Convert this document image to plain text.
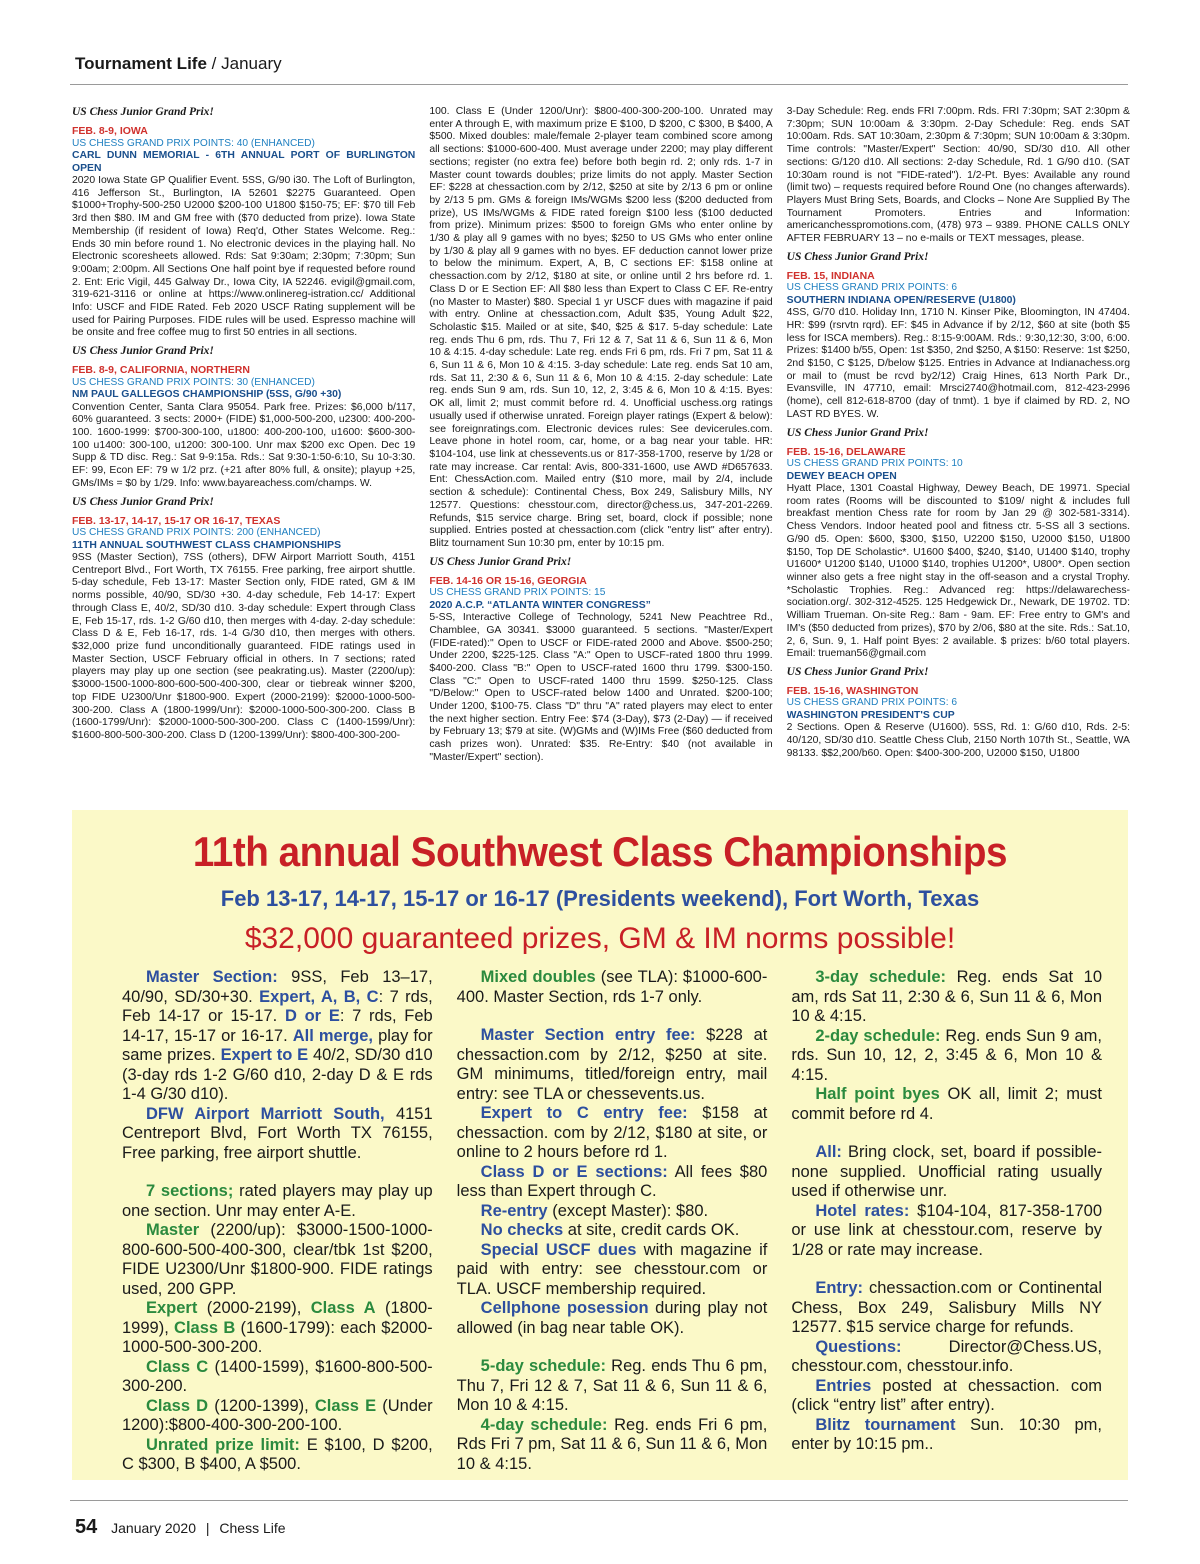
Tournament Life / January
US Chess Junior Grand Prix!
FEB. 8-9, IOWA
US CHESS GRAND PRIX POINTS: 40 (ENHANCED)
CARL DUNN MEMORIAL - 6TH ANNUAL PORT OF BURLINGTON OPEN

2020 Iowa State GP Qualifier Event. 5SS, G/90 i30. The Loft of Burlington, 416 Jefferson St., Burlington, IA 52601 $2275 Guaranteed. Open $1000+Trophy-500-250 U2000 $200-100 U1800 $150-75; EF: $70 till Feb 3rd then $80. IM and GM free with ($70 deducted from prize). Iowa State Membership (if resident of Iowa) Req'd, Other States Welcome. Reg.: Ends 30 min before round 1. No electronic devices in the playing hall. No Electronic scoresheets allowed. Rds: Sat 9:30am; 2:30pm; 7:30pm; Sun 9:00am; 2:00pm. All Sections One half point bye if requested before round 2. Ent: Eric Vigil, 445 Galway Dr., Iowa City, IA 52246. evigil@gmail.com, 319-621-3116 or online at https://www.onlinereg-istration.cc/ Additional Info: USCF and FIDE Rated. Feb 2020 USCF Rating supplement will be used for Pairing Purposes. FIDE rules will be used. Espresso machine will be onsite and free coffee mug to first 50 entries in all sections.

US Chess Junior Grand Prix!
FEB. 8-9, CALIFORNIA, NORTHERN
US CHESS GRAND PRIX POINTS: 30 (ENHANCED)
NM PAUL GALLEGOS CHAMPIONSHIP (5SS, G/90 +30)

Convention Center, Santa Clara 95054. Park free. Prizes: $6,000 b/117, 60% guaranteed. 3 sects: 2000+ (FIDE) $1,000-500-200, u2300: 400-200-100. 1600-1999: $700-300-100, u1800: 400-200-100, u1600: $600-300-100 u1400: 300-100, u1200: 300-100. Unr max $200 exc Open. Dec 19 Supp & TD disc. Reg.: Sat 9-9:15a. Rds.: Sat 9:30-1:50-6:10, Su 10-3:30. EF: 99, Econ EF: 79 w 1/2 prz. (+21 after 80% full, & onsite); playup +25, GMs/IMs = $0 by 1/29. Info: www.bayareachess.com/champs. W.

US Chess Junior Grand Prix!
FEB. 13-17, 14-17, 15-17 OR 16-17, TEXAS
US CHESS GRAND PRIX POINTS: 200 (ENHANCED)
11TH ANNUAL SOUTHWEST CLASS CHAMPIONSHIPS

9SS (Master Section), 7SS (others), DFW Airport Marriott South, 4151 Centreport Blvd., Fort Worth, TX 76155. Free parking, free airport shuttle. 5-day schedule, Feb 13-17: Master Section only, FIDE rated, GM & IM norms possible, 40/90, SD/30 +30. 4-day schedule, Feb 14-17: Expert through Class E, 40/2, SD/30 d10. 3-day schedule: Expert through Class E, Feb 15-17, rds. 1-2 G/60 d10, then merges with 4-day. 2-day schedule: Class D & E, Feb 16-17, rds. 1-4 G/30 d10, then merges with others. $32,000 prize fund unconditionally guaranteed. FIDE ratings used in Master Section, USCF February official in others. In 7 sections; rated players may play up one section (see peakrating.us). Master (2200/up): $3000-1500-1000-800-600-500-400-300, clear or tiebreak winner $200, top FIDE U2300/Unr $1800-900. Expert (2000-2199): $2000-1000-500-300-200. Class A (1800-1999/Unr): $2000-1000-500-300-200. Class B (1600-1799/Unr): $2000-1000-500-300-200. Class C (1400-1599/Unr): $1600-800-500-300-200. Class D (1200-1399/Unr): $800-400-300-200-

100. Class E (Under 1200/Unr): $800-400-300-200-100. Unrated may enter A through E, with maximum prize E $100, D $200, C $300, B $400, A $500. Mixed doubles: male/female 2-player team combined score among all sections: $1000-600-400. Must average under 2200; may play different sections; register (no extra fee) before both begin rd. 2; only rds. 1-7 in Master count towards doubles; prize limits do not apply. Master Section EF: $228 at chessaction.com by 2/12, $250 at site by 2/13 6 pm or online by 2/13 5 pm. GMs & foreign IMs/WGMs $200 less ($200 deducted from prize), US IMs/WGMs & FIDE rated foreign $100 less ($100 deducted from prize). Minimum prizes: $500 to foreign GMs who enter online by 1/30 & play all 9 games with no byes; $250 to US GMs who enter online by 1/30 & play all 9 games with no byes. EF deduction cannot lower prize to below the minimum. Expert, A, B, C sections EF: $158 online at chessaction.com by 2/12, $180 at site, or online until 2 hrs before rd. 1. Class D or E Section EF: All $80 less than Expert to Class C EF. Re-entry (no Master to Master) $80. Special 1 yr USCF dues with magazine if paid with entry. Online at chessaction.com, Adult $35, Young Adult $22, Scholastic $15. Mailed or at site, $40, $25 & $17. 5-day schedule: Late reg. ends Thu 6 pm, rds. Thu 7, Fri 12 & 7, Sat 11 & 6, Sun 11 & 6, Mon 10 & 4:15. 4-day schedule: Late reg. ends Fri 6 pm, rds. Fri 7 pm, Sat 11 & 6, Sun 11 & 6, Mon 10 & 4:15. 3-day schedule: Late reg. ends Sat 10 am, rds. Sat 11, 2:30 & 6, Sun 11 & 6, Mon 10 & 4:15. 2-day schedule: Late reg. ends Sun 9 am, rds. Sun 10, 12, 2, 3:45 & 6, Mon 10 & 4:15. Byes: OK all, limit 2; must commit before rd. 4. Unofficial uschess.org ratings usually used if otherwise unrated. Foreign player ratings (Expert & below): see foreignratings.com. Electronic devices rules: See devicerules.com. Leave phone in hotel room, car, home, or a bag near your table. HR: $104-104, use link at chessevents.us or 817-358-1700, reserve by 1/28 or rate may increase. Car rental: Avis, 800-331-1600, use AWD #D657633. Ent: ChessAction.com. Mailed entry ($10 more, mail by 2/4, include section & schedule): Continental Chess, Box 249, Salisbury Mills, NY 12577. Questions: chesstour.com, director@chess.us, 347-201-2269. Refunds, $15 service charge. Bring set, board, clock if possible; none supplied. Entries posted at chessaction.com (click "entry list" after entry). Blitz tournament Sun 10:30 pm, enter by 10:15 pm.

US Chess Junior Grand Prix!
FEB. 14-16 OR 15-16, GEORGIA
US CHESS GRAND PRIX POINTS: 15
2020 A.C.P. “ATLANTA WINTER CONGRESS”

5-SS, Interactive College of Technology, 5241 New Peachtree Rd., Chamblee, GA 30341. $3000 guaranteed. 5 sections. "Master/Expert (FIDE-rated):" Open to USCF or FIDE-rated 2000 and Above. $500-250; Under 2200, $225-125. Class "A:" Open to USCF-rated 1800 thru 1999. $400-200. Class "B:" Open to USCF-rated 1600 thru 1799. $300-150. Class "C:" Open to USCF-rated 1400 thru 1599. $250-125. Class "D/Below:" Open to USCF-rated below 1400 and Unrated. $200-100; Under 1200, $100-75. Class "D" thru "A" rated players may elect to enter the next higher section. Entry Fee: $74 (3-Day), $73 (2-Day) — if received by February 13; $79 at site. (W)GMs and (W)IMs Free ($60 deducted from cash prizes won). Unrated: $35. Re-Entry: $40 (not available in "Master/Expert" section).

3-Day Schedule: Reg. ends FRI 7:00pm. Rds. FRI 7:30pm; SAT 2:30pm & 7:30pm; SUN 10:00am & 3:30pm. 2-Day Schedule: Reg. ends SAT 10:00am. Rds. SAT 10:30am, 2:30pm & 7:30pm; SUN 10:00am & 3:30pm. Time controls: "Master/Expert" Section: 40/90, SD/30 d10. All other sections: G/120 d10. All sections: 2-day Schedule, Rd. 1 G/90 d10. (SAT 10:30am round is not "FIDE-rated"). 1/2-Pt. Byes: Available any round (limit two) – requests required before Round One (no changes afterwards). Players Must Bring Sets, Boards, and Clocks – None Are Supplied By The Tournament Promoters. Entries and Information: americanchesspromotions.com, (478) 973 – 9389. PHONE CALLS ONLY AFTER FEBRUARY 13 – no e-mails or TEXT messages, please.

US Chess Junior Grand Prix!
FEB. 15, INDIANA
US CHESS GRAND PRIX POINTS: 6
SOUTHERN INDIANA OPEN/RESERVE (U1800)

4SS, G/70 d10. Holiday Inn, 1710 N. Kinser Pike, Bloomington, IN 47404. HR: $99 (rsrvtn rqrd). EF: $45 in Advance if by 2/12, $60 at site (both $5 less for ISCA members). Reg.: 8:15-9:00AM. Rds.: 9:30,12:30, 3:00, 6:00. Prizes: $1400 b/55, Open: 1st $350, 2nd $250, A $150: Reserve: 1st $250, 2nd $150, C $125, D/below $125. Entries in Advance at Indianachess.org or mail to (must be rcvd by2/12) Craig Hines, 613 North Park Dr., Evansville, IN 47710, email: Mrsci2740@hotmail.com, 812-423-2996 (home), cell 812-618-8700 (day of tnmt). 1 bye if claimed by RD. 2, NO LAST RD BYES. W.

US Chess Junior Grand Prix!
FEB. 15-16, DELAWARE
US CHESS GRAND PRIX POINTS: 10
DEWEY BEACH OPEN

Hyatt Place, 1301 Coastal Highway, Dewey Beach, DE 19971. Special room rates (Rooms will be discounted to $109/ night & includes full breakfast mention Chess rate for room by Jan 29 @ 302-581-3314). Chess Vendors. Indoor heated pool and fitness ctr. 5-SS all 3 sections. G/90 d5. Open: $600, $300, $150, U2200 $150, U2000 $150, U1800 $150, Top DE Scholastic*. U1600 $400, $240, $140, U1400 $140, trophy U1600* U1200 $140, U1000 $140, trophies U1200*, U800*. Open section winner also gets a free night stay in the off-season and a crystal Trophy. *Scholastic Trophies. Reg.: Advanced reg: https://delawarechess-sociation.org/. 302-312-4525. 125 Hedgewick Dr., Newark, DE 19702. TD: William Trueman. On-site Reg.: 8am - 9am. EF: Free entry to GM's and IM's ($50 deducted from prizes), $70 by 2/06, $80 at the site. Rds.: Sat.10, 2, 6, Sun. 9, 1. Half point Byes: 2 available. $ prizes: b/60 total players. Email: trueman56@gmail.com

US Chess Junior Grand Prix!
FEB. 15-16, WASHINGTON
US CHESS GRAND PRIX POINTS: 6
WASHINGTON PRESIDENT'S CUP

2 Sections. Open & Reserve (U1600). 5SS, Rd. 1: G/60 d10, Rds. 2-5: 40/120, SD/30 d10. Seattle Chess Club, 2150 North 107th St., Seattle, WA 98133. $$2,200/b60. Open: $400-300-200, U2000 $150, U1800

11th annual Southwest Class Championships
Feb 13-17, 14-17, 15-17 or 16-17 (Presidents weekend), Fort Worth, Texas
$32,000 guaranteed prizes, GM & IM norms possible!

Master Section: 9SS, Feb 13–17, 40/90, SD/30+30. Expert, A, B, C: 7 rds, Feb 14-17 or 15-17. D or E: 7 rds, Feb 14-17, 15-17 or 16-17. All merge, play for same prizes. Expert to E 40/2, SD/30 d10 (3-day rds 1-2 G/60 d10, 2-day D & E rds 1-4 G/30 d10).

DFW Airport Marriott South, 4151 Centreport Blvd, Fort Worth TX 76155, Free parking, free airport shuttle.

7 sections; rated players may play up one section. Unr may enter A-E.

Master (2200/up): $3000-1500-1000-800-600-500-400-300, clear/tbk 1st $200, FIDE U2300/Unr $1800-900. FIDE ratings used, 200 GPP.

Expert (2000-2199), Class A (1800-1999), Class B (1600-1799): each $2000-1000-500-300-200.

Class C (1400-1599), $1600-800-500-300-200.

Class D (1200-1399), Class E (Under 1200):$800-400-300-200-100.

Unrated prize limit: E $100, D $200, C $300, B $400, A $500.

Mixed doubles (see TLA): $1000-600-400. Master Section, rds 1-7 only.

Master Section entry fee: $228 at chessaction.com by 2/12, $250 at site. GM minimums, titled/foreign entry, mail entry: see TLA or chessevents.us.

Expert to C entry fee: $158 at chessaction. com by 2/12, $180 at site, or online to 2 hours before rd 1.

Class D or E sections: All fees $80 less than Expert through C.

Re-entry (except Master): $80.

No checks at site, credit cards OK.

Special USCF dues with magazine if paid with entry: see chesstour.com or TLA. USCF membership required.

Cellphone posession during play not allowed (in bag near table OK).

5-day schedule: Reg. ends Thu 6 pm, Thu 7, Fri 12 & 7, Sat 11 & 6, Sun 11 & 6, Mon 10 & 4:15.

4-day schedule: Reg. ends Fri 6 pm, Rds Fri 7 pm, Sat 11 & 6, Sun 11 & 6, Mon 10 & 4:15.

3-day schedule: Reg. ends Sat 10 am, rds Sat 11, 2:30 & 6, Sun 11 & 6, Mon 10 & 4:15.

2-day schedule: Reg. ends Sun 9 am, rds. Sun 10, 12, 2, 3:45 & 6, Mon 10 & 4:15.

Half point byes OK all, limit 2; must commit before rd 4.

All: Bring clock, set, board if possible- none supplied. Unofficial rating usually used if otherwise unr.

Hotel rates: $104-104, 817-358-1700 or use link at chesstour.com, reserve by 1/28 or rate may increase.

Entry: chessaction.com or Continental Chess, Box 249, Salisbury Mills NY 12577. $15 service charge for refunds.

Questions: Director@Chess.US, chesstour.com, chesstour.info.

Entries posted at chessaction. com (click “entry list” after entry).

Blitz tournament Sun. 10:30 pm, enter by 10:15 pm..

54 January 2020 | Chess Life
